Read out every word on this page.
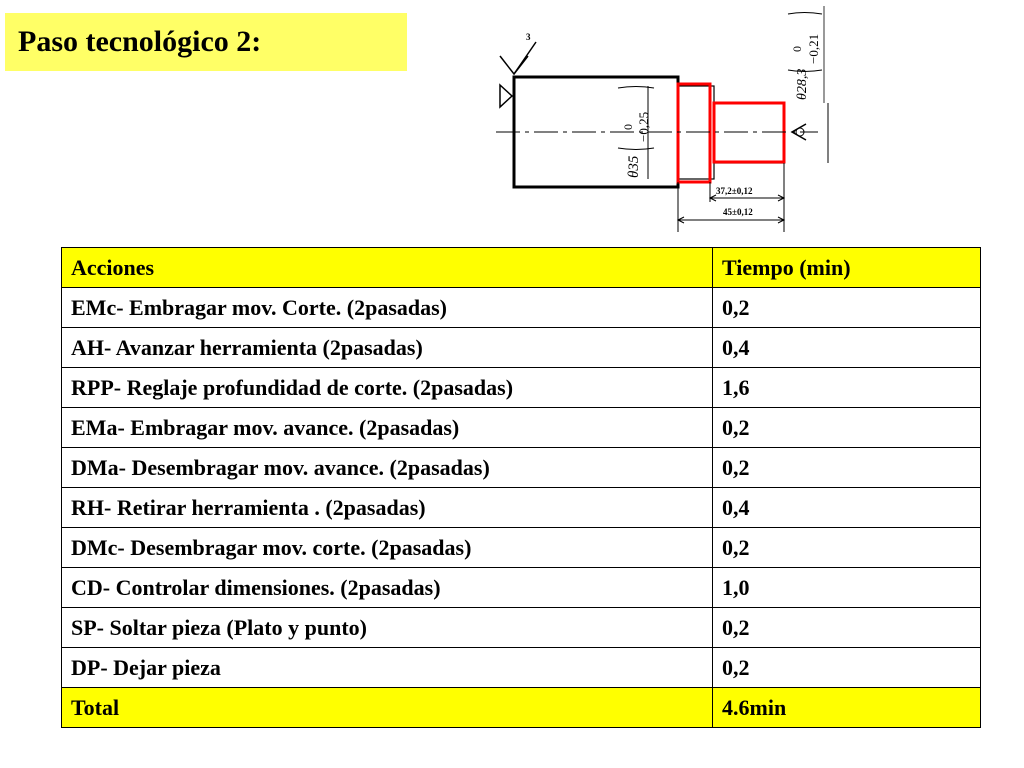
Paso tecnológico 2:	3
θ35
0 −0,25
θ28,3
0 −0,21
37,2±0,12
45±0,12
Acciones	Tiempo (min)
EMc- Embragar mov. Corte. (2pasadas)	0,2
AH- Avanzar herramienta (2pasadas)	0,4
RPP- Reglaje profundidad de corte. (2pasadas)	1,6
EMa- Embragar mov. avance. (2pasadas)	0,2
DMa- Desembragar mov. avance. (2pasadas)	0,2
RH- Retirar herramienta . (2pasadas)	0,4
DMc- Desembragar mov. corte. (2pasadas)	0,2
CD- Controlar dimensiones. (2pasadas)	1,0
SP- Soltar pieza (Plato y punto)	0,2
DP- Dejar pieza	0,2
Total	4.6min
